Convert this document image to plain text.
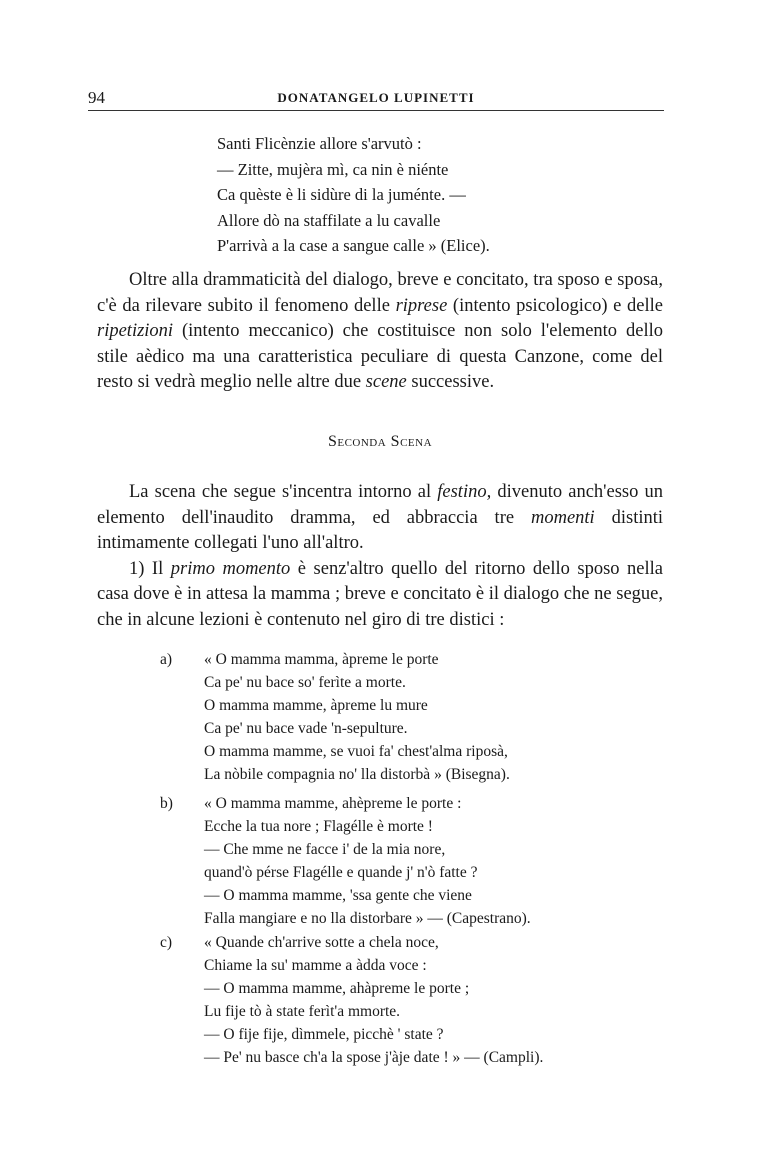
94	DONATANGELO LUPINETTI
Santi Flicènzie allore s'arvutò :
— Zitte, mujèra mì, ca nin è niénte
Ca quèste è li sidùre di la juménte. —
Allore dò na staffilate a lu cavalle
P'arrivà a la case a sangue calle » (Elice).

Oltre alla drammaticità del dialogo, breve e concitato, tra sposo e sposa, c'è da rilevare subito il fenomeno delle riprese (intento psicologico) e delle ripetizioni (intento meccanico) che costituisce non solo l'elemento dello stile aèdico ma una caratteristica peculiare di questa Canzone, come del resto si vedrà meglio nelle altre due scene successive.

Seconda Scena

La scena che segue s'incentra intorno al festino, divenuto anch'esso un elemento dell'inaudito dramma, ed abbraccia tre momenti distinti intimamente collegati l'uno all'altro.

1) Il primo momento è senz'altro quello del ritorno dello sposo nella casa dove è in attesa la mamma ; breve e concitato è il dialogo che ne segue, che in alcune lezioni è contenuto nel giro di tre distici :

a) « O mamma mamma, àpreme le porte
Ca pe' nu bace so' ferìte a morte.
O mamma mamme, àpreme lu mure
Ca pe' nu bace vade 'n-sepulture.
O mamma mamme, se vuoi fa' chest'alma riposà,
La nòbile compagnia no' lla distorbà » (Bisegna).
b) « O mamma mamme, ahèpreme le porte :
Ecche la tua nore ; Flagélle è morte !
— Che mme ne facce i' de la mia nore,
quand'ò pérse Flagélle e quande j' n'ò fatte ?
— O mamma mamme, 'ssa gente che viene
Falla mangiare e no lla distorbare » — (Capestrano).
c) « Quande ch'arrive sotte a chela noce,
Chiame la su' mamme a àdda voce :
— O mamma mamme, ahàpreme le porte ;
Lu fije tò à state ferìt'a mmorte.
— O fije fije, dìmmele, picchè ' state ?
— Pe' nu basce ch'a la spose j'àje date ! » — (Campli).
